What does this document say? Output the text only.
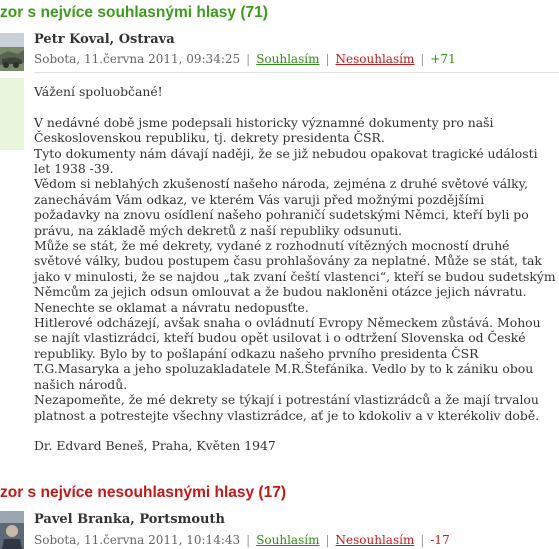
zor s nejvíce souhlasnými hlasy (71)
Petr Koval, Ostrava
Sobota, 11.června 2011, 09:34:25 | Souhlasím | Nesouhlasím | +71

Vážení spoluobčané!

V nedávné době jsme podepsali historicky významné dokumenty pro naši

Československou republiku, tj. dekrety presidenta ČSR.

Tyto dokumenty nám dávají naději, že se již nebudou opakovat tragické události

let 1938 -39.

Vědom si neblahých zkušeností našeho národa, zejména z druhé světové války,

zanechávám Vám odkaz, ve kterém Vás varuji před možnými pozdějšími

požadavky na znovu osídlení našeho pohraničí sudetskými Němci, kteří byli po

právu, na základě mých dekretů z naší republiky odsunuti.

Může se stát, že mé dekrety, vydané z rozhodnutí vítězných mocností druhé

světové války, budou postupem času prohlašovány za neplatné. Může se stát, tak

jako v minulosti, že se najdou „tak zvaní čeští vlastenci“, kteří se budou sudetským

Němcům za jejich odsun omlouvat a že budou nakloněni otázce jejich návratu.

Nenechte se oklamat a návratu nedopusťte.

Hitlerové odcházejí, avšak snaha o ovládnutí Evropy Německem zůstává. Mohou

se najít vlastizrádci, kteří budou opět usilovat i o odtržení Slovenska od České

republiky. Bylo by to pošlapání odkazu našeho prvního presidenta ČSR

T.G.Masaryka a jeho spoluzakladatele M.R.Štefánika. Vedlo by to k zániku obou

našich národů.

Nezapomeňte, že mé dekrety se týkají i potrestání vlastizrádců a že mají trvalou

platnost a potrestejte všechny vlastizrádce, ať je to kdokoliv a v kterékoliv době.

Dr. Edvard Beneš, Praha, Květen 1947

zor s nejvíce nesouhlasnými hlasy (17)
Pavel Branka, Portsmouth
Sobota, 11.června 2011, 10:14:43 | Souhlasím | Nesouhlasím | -17
